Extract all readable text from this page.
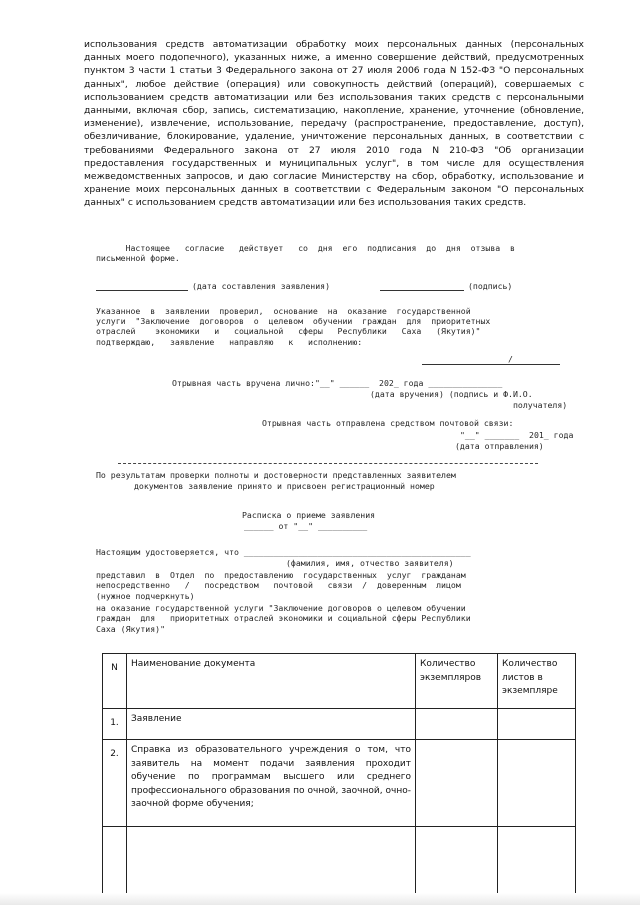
использования средств автоматизации обработку моих персональных данных (персональных данных моего подопечного), указанных ниже, а именно совершение действий, предусмотренных пунктом 3 части 1 статьи 3 Федерального закона от 27 июля 2006 года N 152-ФЗ "О персональных данных", любое действие (операция) или совокупность действий (операций), совершаемых с использованием средств автоматизации или без использования таких средств с персональными данными, включая сбор, запись, систематизацию, накопление, хранение, уточнение (обновление, изменение), извлечение, использование, передачу (распространение, предоставление, доступ), обезличивание, блокирование, удаление, уничтожение персональных данных, в соответствии с требованиями Федерального закона от 27 июля 2010 года N 210-ФЗ "Об организации предоставления государственных и муниципальных услуг", в том числе для осуществления межведомственных запросов, и даю согласие Министерству на сбор, обработку, использование и хранение моих персональных данных в соответствии с Федеральным законом "О персональных данных" с использованием средств автоматизации или без использования таких средств.
Настоящее   согласие   действует   со  дня  его  подписания  до  дня  отзыва  в
письменной форме.
(дата составления заявления)	(подпись)
Указанное  в  заявлении  проверил,  основание  на  оказание  государственной
услуги  "Заключение  договоров  о  целевом  обучении  граждан  для  приоритетных
отраслей    экономики   и   социальной   сферы   Республики   Саха   (Якутия)"
подтверждаю,   заявление   направляю   к   исполнению:
/
Отрывная часть вручена лично:"__" ______  202_ года _______________
(дата вручения) (подпись и Ф.И.О.
получателя)
Отрывная часть отправлена средством почтовой связи:
"__" _______  201_ года
(дата отправления)
По результатам проверки полноты и достоверности представленных заявителем
документов заявление принято и присвоен регистрационный номер
Расписка о приеме заявления
______ от "__" __________
Настоящим удостоверяется, что ______________________________________________
(фамилия, имя, отчество заявителя)
представил  в  Отдел  по  предоставлению  государственных  услуг  гражданам
непосредственно   /   посредством   почтовой   связи  /  доверенным  лицом
(нужное подчеркнуть)
на оказание государственной услуги "Заключение договоров о целевом обучении
граждан  для   приоритетных отраслей экономики и социальной сферы Республики
Саха (Якутия)"
N	Наименование документа	Количество экземпляров	Количество листов в экземпляре
1.	Заявление		
2.	Справка из образовательного учреждения о том, что заявитель на момент подачи заявления проходит обучение по программам высшего или среднего профессионального образования по очной, заочной, очно-заочной форме обучения;		
